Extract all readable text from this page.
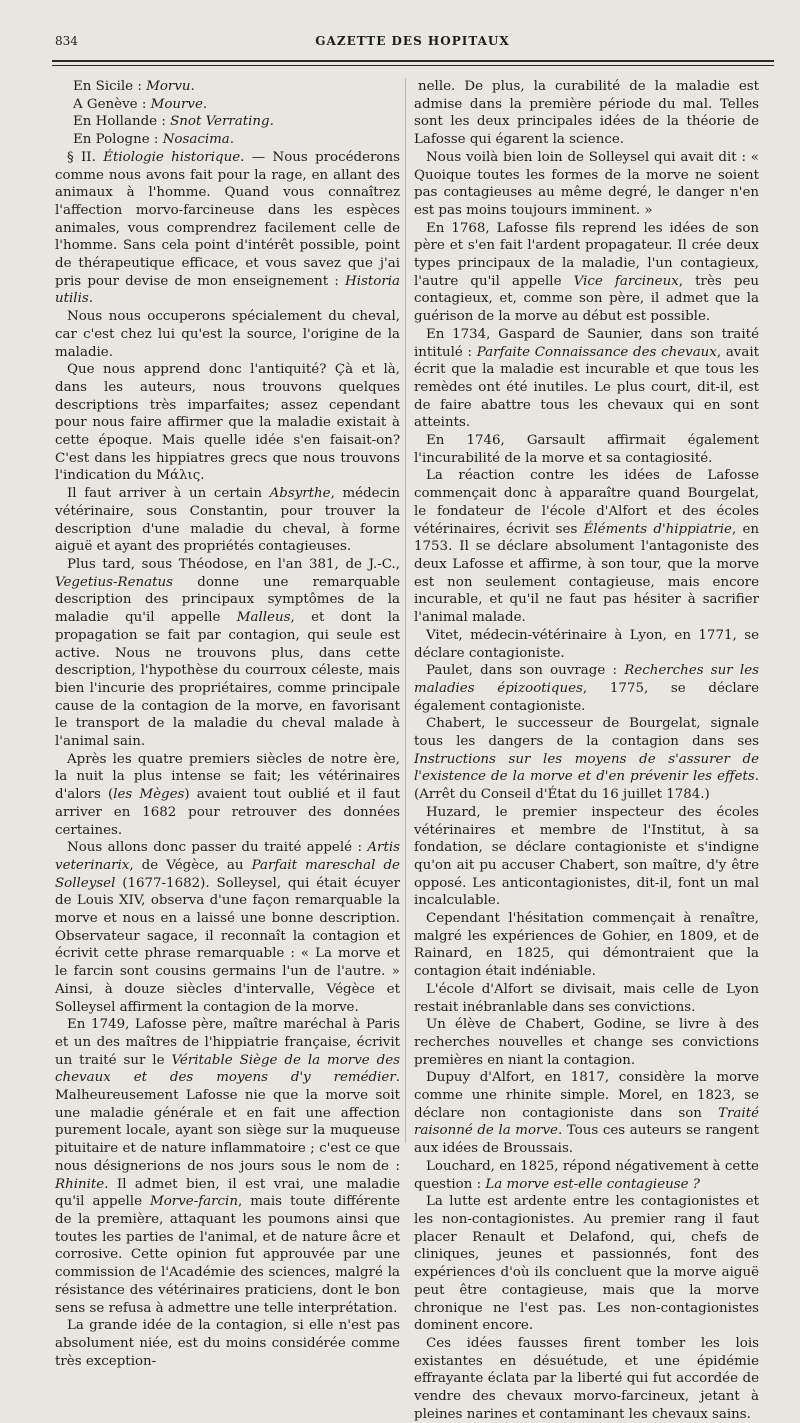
834	GAZETTE DES HOPITAUX

En Sicile : Morvu.

A Genève : Mourve.

En Hollande : Snot Verrating.

En Pologne : Nosacima.

§ II. Étiologie historique. — Nous procéderons comme nous avons fait pour la rage, en allant des animaux à l'homme. Quand vous connaîtrez l'affection morvo-farcineuse dans les espèces animales, vous comprendrez facilement celle de l'homme. Sans cela point d'intérêt possible, point de thérapeutique efficace, et vous savez que j'ai pris pour devise de mon enseignement : Historia utilis.

Nous nous occuperons spécialement du cheval, car c'est chez lui qu'est la source, l'origine de la maladie.

Que nous apprend donc l'antiquité? Çà et là, dans les auteurs, nous trouvons quelques descriptions très imparfaites; assez cependant pour nous faire affirmer que la maladie existait à cette époque. Mais quelle idée s'en faisait-on? C'est dans les hippiatres grecs que nous trouvons l'indication du Μάλις.

Il faut arriver à un certain Absyrthe, médecin vétérinaire, sous Constantin, pour trouver la description d'une maladie du cheval, à forme aiguë et ayant des propriétés contagieuses.

Plus tard, sous Théodose, en l'an 381, de J.-C., Vegetius-Renatus donne une remarquable description des principaux symptômes de la maladie qu'il appelle Malleus, et dont la propagation se fait par contagion, qui seule est active. Nous ne trouvons plus, dans cette description, l'hypothèse du courroux céleste, mais bien l'incurie des propriétaires, comme principale cause de la contagion de la morve, en favorisant le transport de la maladie du cheval malade à l'animal sain.

Après les quatre premiers siècles de notre ère, la nuit la plus intense se fait; les vétérinaires d'alors (les Mèges) avaient tout oublié et il faut arriver en 1682 pour retrouver des données certaines.

Nous allons donc passer du traité appelé : Artis veterinarix, de Végèce, au Parfait mareschal de Solleysel (1677-1682). Solleysel, qui était écuyer de Louis XIV, observa d'une façon remarquable la morve et nous en a laissé une bonne description. Observateur sagace, il reconnaît la contagion et écrivit cette phrase remarquable : « La morve et le farcin sont cousins germains l'un de l'autre. » Ainsi, à douze siècles d'intervalle, Végèce et Solleysel affirment la contagion de la morve.

En 1749, Lafosse père, maître maréchal à Paris et un des maîtres de l'hippiatrie française, écrivit un traité sur le Véritable Siège de la morve des chevaux et des moyens d'y remédier. Malheureusement Lafosse nie que la morve soit une maladie générale et en fait une affection purement locale, ayant son siège sur la muqueuse pituitaire et de nature inflammatoire ; c'est ce que nous désignerions de nos jours sous le nom de : Rhinite. Il admet bien, il est vrai, une maladie qu'il appelle Morve-farcin, mais toute différente de la première, attaquant les poumons ainsi que toutes les parties de l'animal, et de nature âcre et corrosive. Cette opinion fut approuvée par une commission de l'Académie des sciences, malgré la résistance des vétérinaires praticiens, dont le bon sens se refusa à admettre une telle interprétation.

La grande idée de la contagion, si elle n'est pas absolument niée, est du moins considérée comme très exception-

nelle. De plus, la curabilité de la maladie est admise dans la première période du mal. Telles sont les deux principales idées de la théorie de Lafosse qui égarent la science.

Nous voilà bien loin de Solleysel qui avait dit : « Quoique toutes les formes de la morve ne soient pas contagieuses au même degré, le danger n'en est pas moins toujours imminent. »

En 1768, Lafosse fils reprend les idées de son père et s'en fait l'ardent propagateur. Il crée deux types principaux de la maladie, l'un contagieux, l'autre qu'il appelle Vice farcineux, très peu contagieux, et, comme son père, il admet que la guérison de la morve au début est possible.

En 1734, Gaspard de Saunier, dans son traité intitulé : Parfaite Connaissance des chevaux, avait écrit que la maladie est incurable et que tous les remèdes ont été inutiles. Le plus court, dit-il, est de faire abattre tous les chevaux qui en sont atteints.

En 1746, Garsault affirmait également l'incurabilité de la morve et sa contagiosité.

La réaction contre les idées de Lafosse commençait donc à apparaître quand Bourgelat, le fondateur de l'école d'Alfort et des écoles vétérinaires, écrivit ses Éléments d'hippiatrie, en 1753. Il se déclare absolument l'antagoniste des deux Lafosse et affirme, à son tour, que la morve est non seulement contagieuse, mais encore incurable, et qu'il ne faut pas hésiter à sacrifier l'animal malade.

Vitet, médecin-vétérinaire à Lyon, en 1771, se déclare contagioniste.

Paulet, dans son ouvrage : Recherches sur les maladies épizootiques, 1775, se déclare également contagioniste.

Chabert, le successeur de Bourgelat, signale tous les dangers de la contagion dans ses Instructions sur les moyens de s'assurer de l'existence de la morve et d'en prévenir les effets. (Arrêt du Conseil d'État du 16 juillet 1784.)

Huzard, le premier inspecteur des écoles vétérinaires et membre de l'Institut, à sa fondation, se déclare contagioniste et s'indigne qu'on ait pu accuser Chabert, son maître, d'y être opposé. Les anticontagionistes, dit-il, font un mal incalculable.

Cependant l'hésitation commençait à renaître, malgré les expériences de Gohier, en 1809, et de Rainard, en 1825, qui démontraient que la contagion était indéniable.

L'école d'Alfort se divisait, mais celle de Lyon restait inébranlable dans ses convictions.

Un élève de Chabert, Godine, se livre à des recherches nouvelles et change ses convictions premières en niant la contagion.

Dupuy d'Alfort, en 1817, considère la morve comme une rhinite simple. Morel, en 1823, se déclare non contagioniste dans son Traité raisonné de la morve. Tous ces auteurs se rangent aux idées de Broussais.

Louchard, en 1825, répond négativement à cette question : La morve est-elle contagieuse ?

La lutte est ardente entre les contagionistes et les non-contagionistes. Au premier rang il faut placer Renault et Delafond, qui, chefs de cliniques, jeunes et passionnés, font des expériences d'où ils concluent que la morve aiguë peut être contagieuse, mais que la morve chronique ne l'est pas. Les non-contagionistes dominent encore.

Ces idées fausses firent tomber les lois existantes en désuétude, et une épidémie effrayante éclata par la liberté qui fut accordée de vendre des chevaux morvo-farcineux, jetant à pleines narines et contaminant les chevaux sains.
